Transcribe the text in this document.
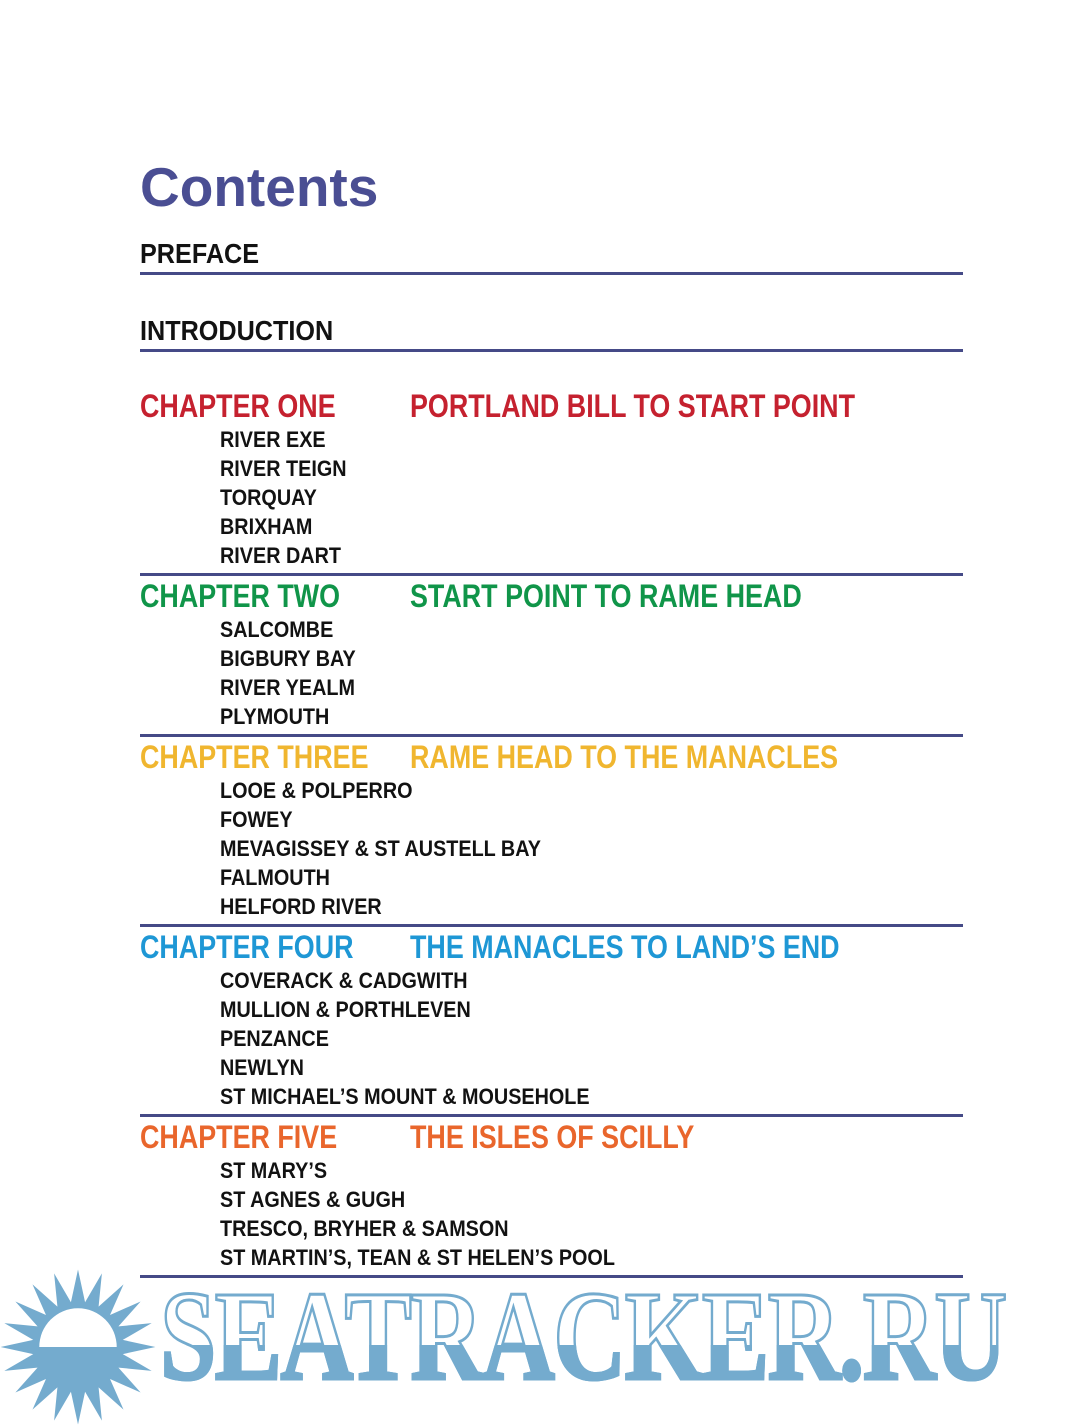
Contents
PREFACE
INTRODUCTION
CHAPTER ONE	PORTLAND BILL TO START POINT
RIVER EXE
RIVER TEIGN
TORQUAY
BRIXHAM
RIVER DART
CHAPTER TWO	START POINT TO RAME HEAD
SALCOMBE
BIGBURY BAY
RIVER YEALM
PLYMOUTH
CHAPTER THREE	RAME HEAD TO THE MANACLES
LOOE & POLPERRO
FOWEY
MEVAGISSEY & ST AUSTELL BAY
FALMOUTH
HELFORD RIVER
CHAPTER FOUR	THE MANACLES TO LAND’S END
COVERACK & CADGWITH
MULLION & PORTHLEVEN
PENZANCE
NEWLYN
ST MICHAEL’S MOUNT & MOUSEHOLE
CHAPTER FIVE	THE ISLES OF SCILLY
ST MARY’S
ST AGNES & GUGH
TRESCO, BRYHER & SAMSON
ST MARTIN’S, TEAN & ST HELEN’S POOL
SEATRACKER.RU
